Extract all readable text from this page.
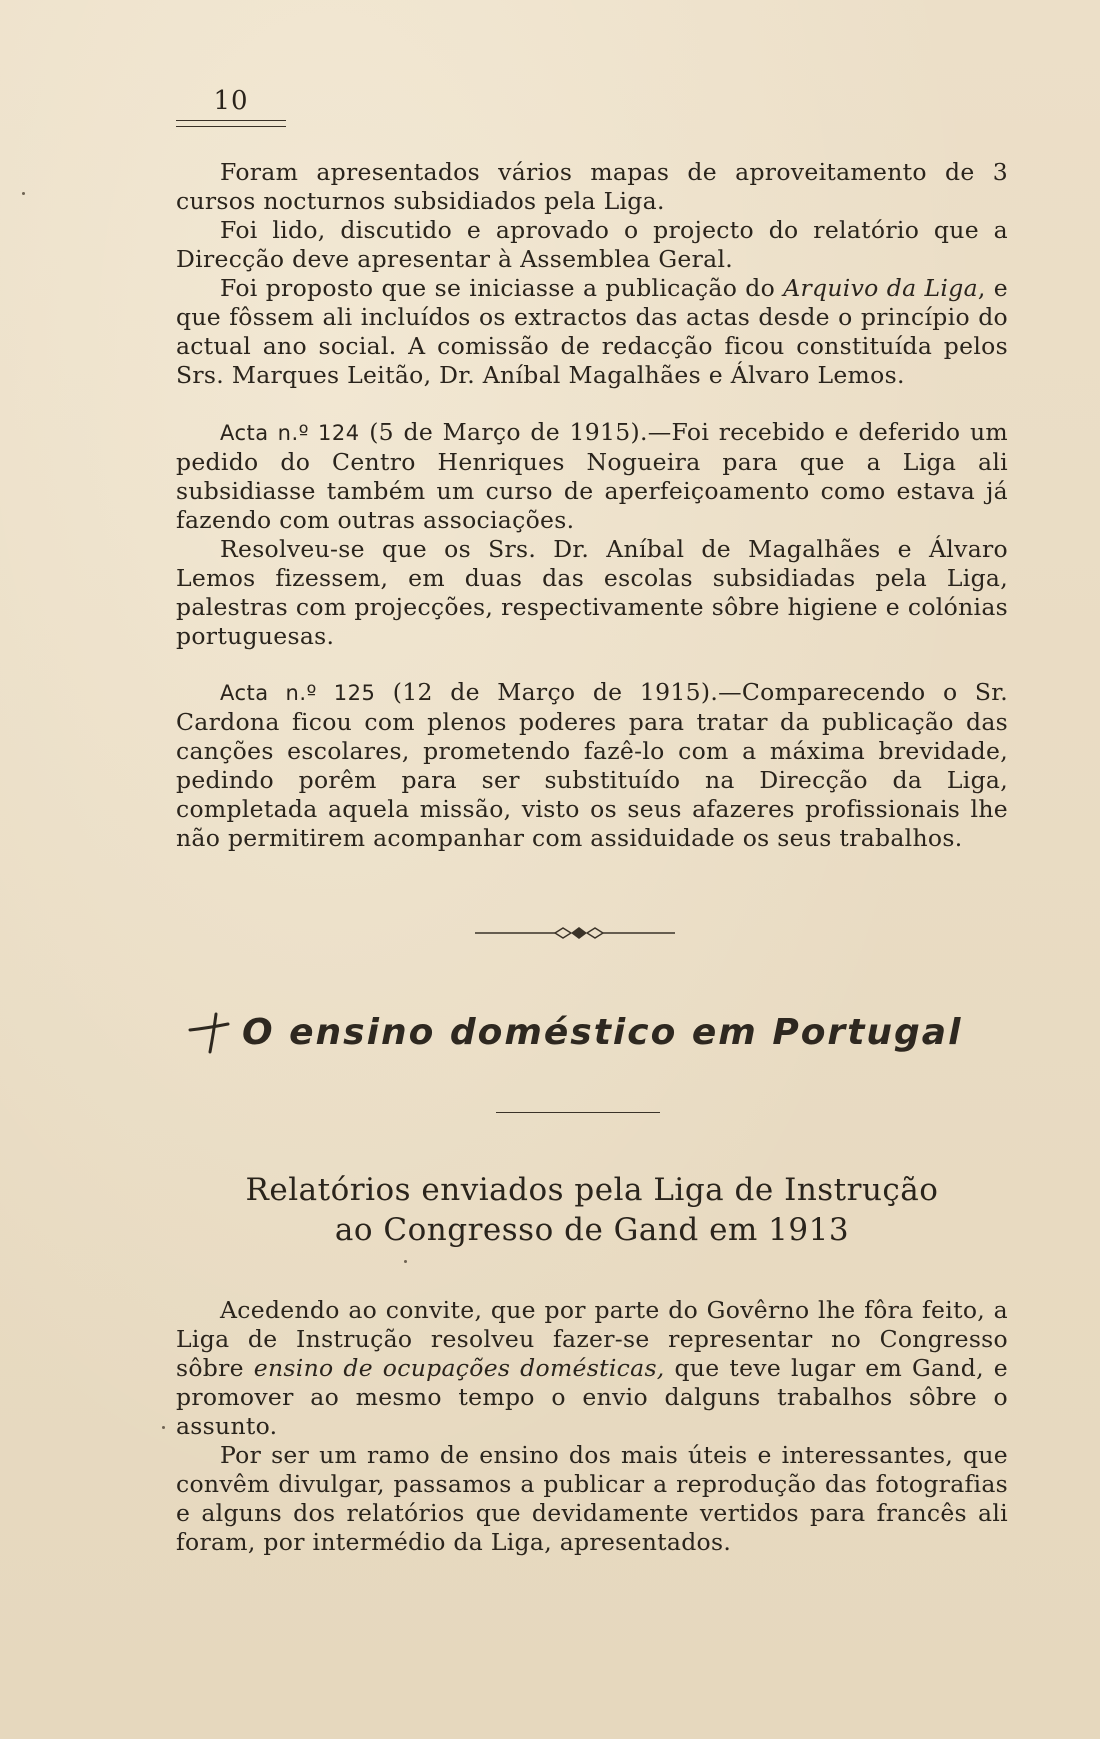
10

Foram apresentados vários mapas de aproveitamento de 3 cursos nocturnos subsidiados pela Liga.

Foi lido, discutido e aprovado o projecto do relatório que a Direcção deve apresentar à Assemblea Geral.

Foi proposto que se iniciasse a publicação do Arquivo da Liga, e que fôssem ali incluídos os extractos das actas desde o princípio do actual ano social. A comissão de redacção ficou constituída pelos Srs. Marques Leitão, Dr. Aníbal Magalhães e Álvaro Lemos.

Acta n.º 124 (5 de Março de 1915).—Foi recebido e deferido um pedido do Centro Henriques Nogueira para que a Liga ali subsidiasse também um curso de aperfeiçoamento como estava já fazendo com outras associações.

Resolveu-se que os Srs. Dr. Aníbal de Magalhães e Álvaro Lemos fizessem, em duas das escolas subsidiadas pela Liga, palestras com projecções, respectivamente sôbre higiene e colónias portuguesas.

Acta n.º 125 (12 de Março de 1915).—Comparecendo o Sr. Cardona ficou com plenos poderes para tratar da publicação das canções escolares, prometendo fazê-lo com a máxima brevidade, pedindo porêm para ser substituído na Direcção da Liga, completada aquela missão, visto os seus afazeres profissionais lhe não permitirem acompanhar com assiduidade os seus trabalhos.

O ensino doméstico em Portugal
Relatórios enviados pela Liga de Instrução
ao Congresso de Gand em 1913

Acedendo ao convite, que por parte do Govêrno lhe fôra feito, a Liga de Instrução resolveu fazer-se representar no Congresso sôbre ensino de ocupações domésticas, que teve lugar em Gand, e promover ao mesmo tempo o envio dalguns trabalhos sôbre o assunto.

Por ser um ramo de ensino dos mais úteis e interessantes, que convêm divulgar, passamos a publicar a reprodução das fotografias e alguns dos relatórios que devidamente vertidos para francês ali foram, por intermédio da Liga, apresentados.
